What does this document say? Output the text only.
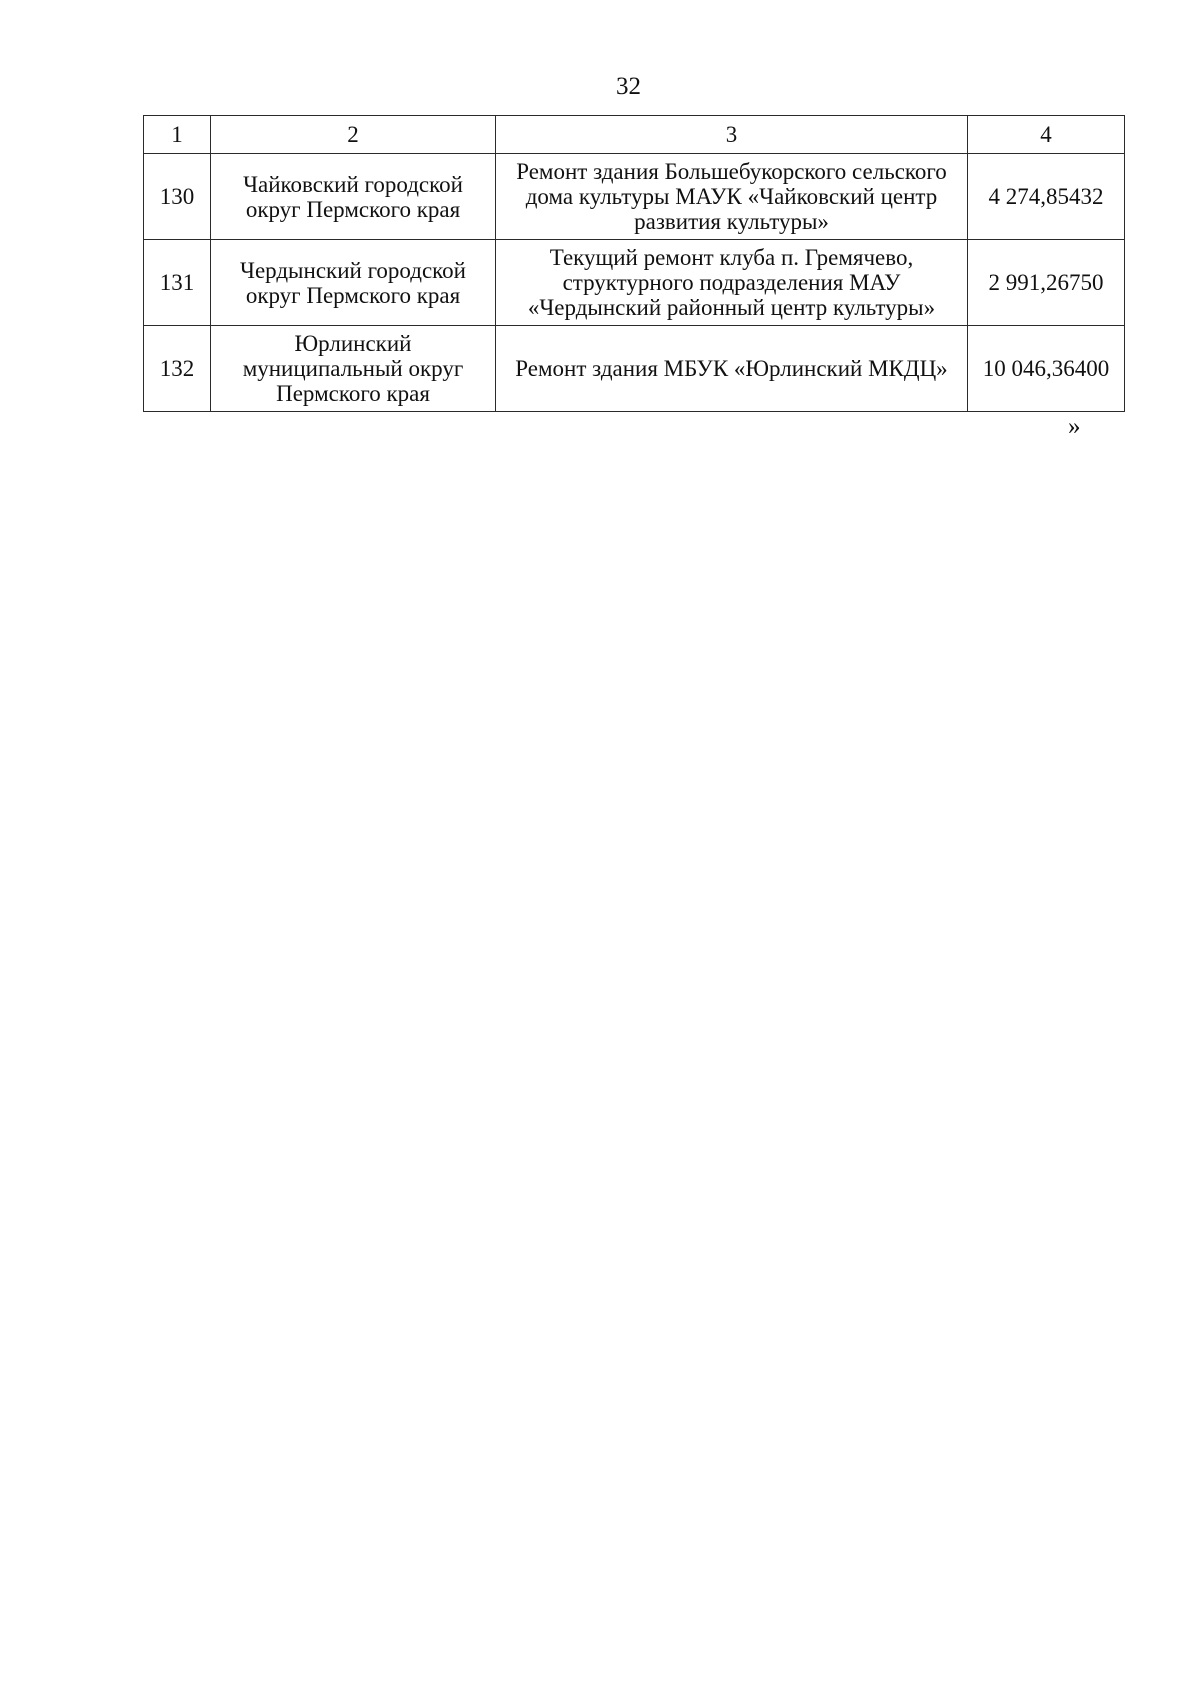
32
1	2	3	4
130	Чайковский городской округ Пермского края	Ремонт здания Большебукорского сельского дома культуры МАУК «Чайковский центр развития культуры»	4 274,85432
131	Чердынский городской округ Пермского края	Текущий ремонт клуба п. Гремячево, структурного подразделения МАУ «Чердынский районный центр культуры»	2 991,26750
132	Юрлинский муниципальный округ Пермского края	Ремонт здания МБУК «Юрлинский МКДЦ»	10 046,36400
»
